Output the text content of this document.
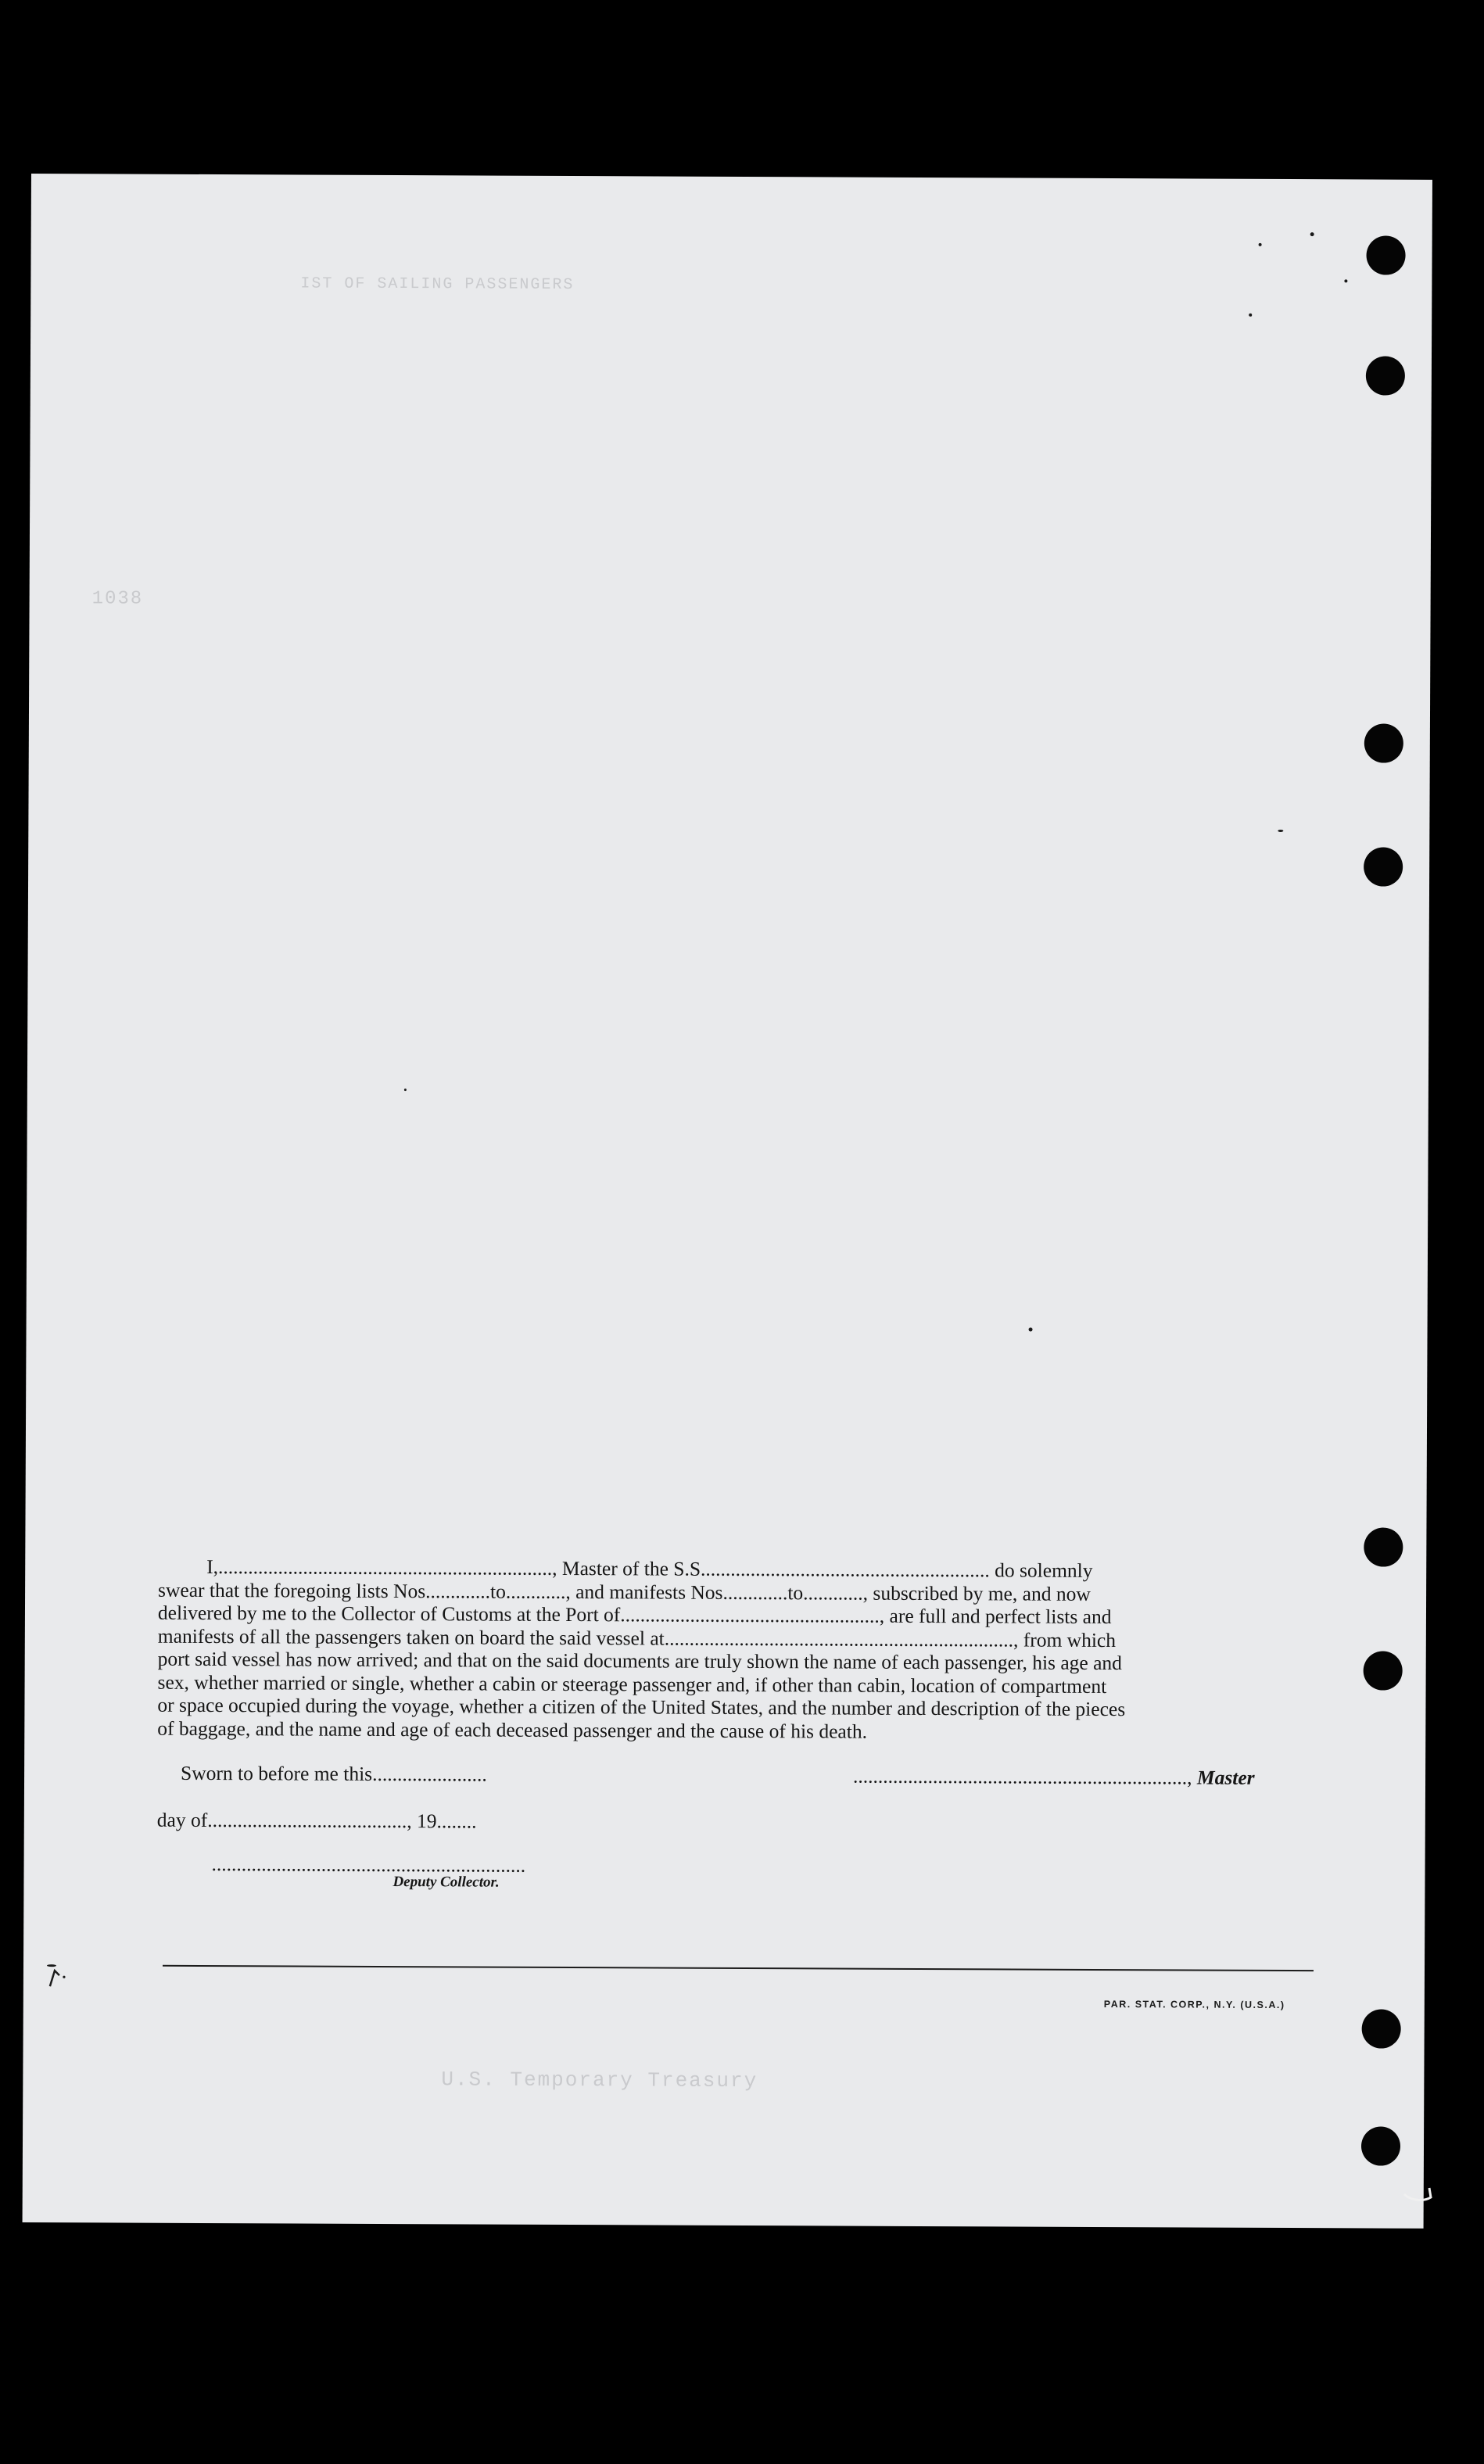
IST OF SAILING PASSENGERS
1038
U.S. Temporary Treasury

I,..................................................................., Master of the S.S.......................................................... do solemnly

swear that the foregoing lists Nos.............to............, and manifests Nos.............to............, subscribed by me, and now

delivered by me to the Collector of Customs at the Port of...................................................., are full and perfect lists and

manifests of all the passengers taken on board the said vessel at......................................................................, from which

port said vessel has now arrived; and that on the said documents are truly shown the name of each passenger, his age and

sex, whether married or single, whether a cabin or steerage passenger and, if other than cabin, location of compartment

or space occupied during the voyage, whether a citizen of the United States, and the number and description of the pieces

of baggage, and the name and age of each deceased passenger and the cause of his death.

Sworn to before me this.......................	..................................................................., Master
day of........................................, 19........
...............................................................
Deputy Collector.
PAR. STAT. CORP., N.Y. (U.S.A.)
